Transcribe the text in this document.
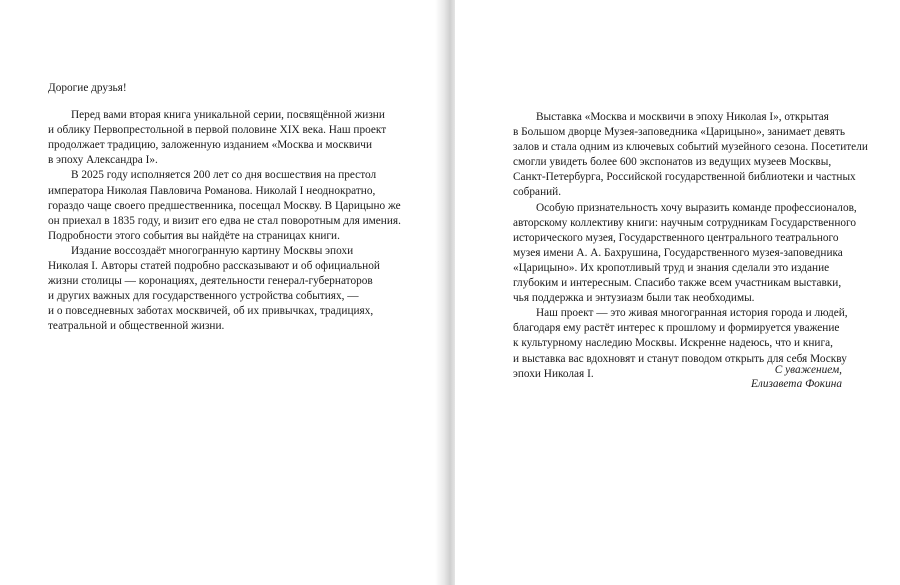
Дорогие друзья!
Перед вами вторая книга уникальной серии, посвящённой жизни
и облику Первопрестольной в первой половине XIX века. Наш проект
продолжает традицию, заложенную изданием «Москва и москвичи
в эпоху Александра I».
В 2025 году исполняется 200 лет со дня восшествия на престол
императора Николая Павловича Романова. Николай I неоднократно,
гораздо чаще своего предшественника, посещал Москву. В Царицыно же
он приехал в 1835 году, и визит его едва не стал поворотным для имения.
Подробности этого события вы найдёте на страницах книги.
Издание воссоздаёт многогранную картину Москвы эпохи
Николая I. Авторы статей подробно рассказывают и об официальной
жизни столицы — коронациях, деятельности генерал-губернаторов
и других важных для государственного устройства событиях, —
и о повседневных заботах москвичей, об их привычках, традициях,
театральной и общественной жизни.
Выставка «Москва и москвичи в эпоху Николая I», открытая
в Большом дворце Музея-заповедника «Царицыно», занимает девять
залов и стала одним из ключевых событий музейного сезона. Посетители
смогли увидеть более 600 экспонатов из ведущих музеев Москвы,
Санкт-Петербурга, Российской государственной библиотеки и частных
собраний.
Особую признательность хочу выразить команде профессионалов,
авторскому коллективу книги: научным сотрудникам Государственного
исторического музея, Государственного центрального театрального
музея имени А. А. Бахрушина, Государственного музея-заповедника
«Царицыно». Их кропотливый труд и знания сделали это издание
глубоким и интересным. Спасибо также всем участникам выставки,
чья поддержка и энтузиазм были так необходимы.
Наш проект — это живая многогранная история города и людей,
благодаря ему растёт интерес к прошлому и формируется уважение
к культурному наследию Москвы. Искренне надеюсь, что и книга,
и выставка вас вдохновят и станут поводом открыть для себя Москву
эпохи Николая I.	С уважением,
Елизавета Фокина
